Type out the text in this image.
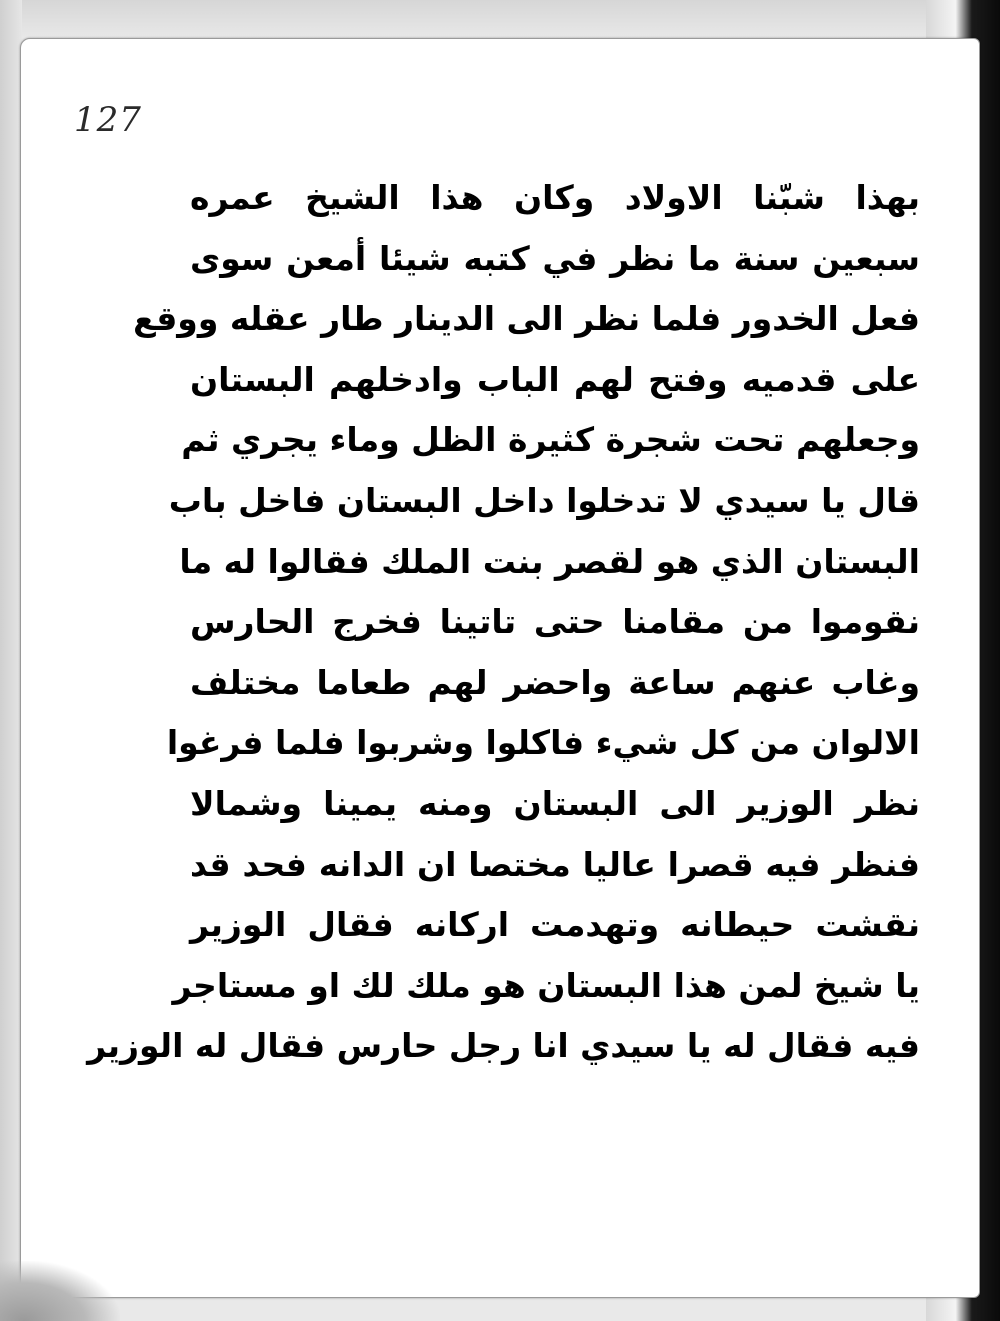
127
بهذا شبّنا الاولاد وكان هذا الشيخ عمره
سبعين سنة ما نظر في كتبه شيئا أمعن سوى
فعل الخدور فلما نظر الى الدينار طار عقله ووقع
على قدميه وفتح لهم الباب وادخلهم البستان
وجعلهم تحت شجرة كثيرة الظل وماء يجري ثم
قال يا سيدي لا تدخلوا داخل البستان فاخل باب
البستان الذي هو لقصر بنت الملك فقالوا له ما
نقوموا من مقامنا حتى تاتينا فخرج الحارس
وغاب عنهم ساعة واحضر لهم طعاما مختلف
الالوان من كل شيء فاكلوا وشربوا فلما فرغوا
نظر الوزير الى البستان ومنه يمينا وشمالا
فنظر فيه قصرا عاليا مختصا ان الدانه فحد قد
نقشت حيطانه وتهدمت اركانه فقال الوزير
يا شيخ لمن هذا البستان هو ملك لك او مستاجر
فيه فقال له يا سيدي انا رجل حارس فقال له الوزير
